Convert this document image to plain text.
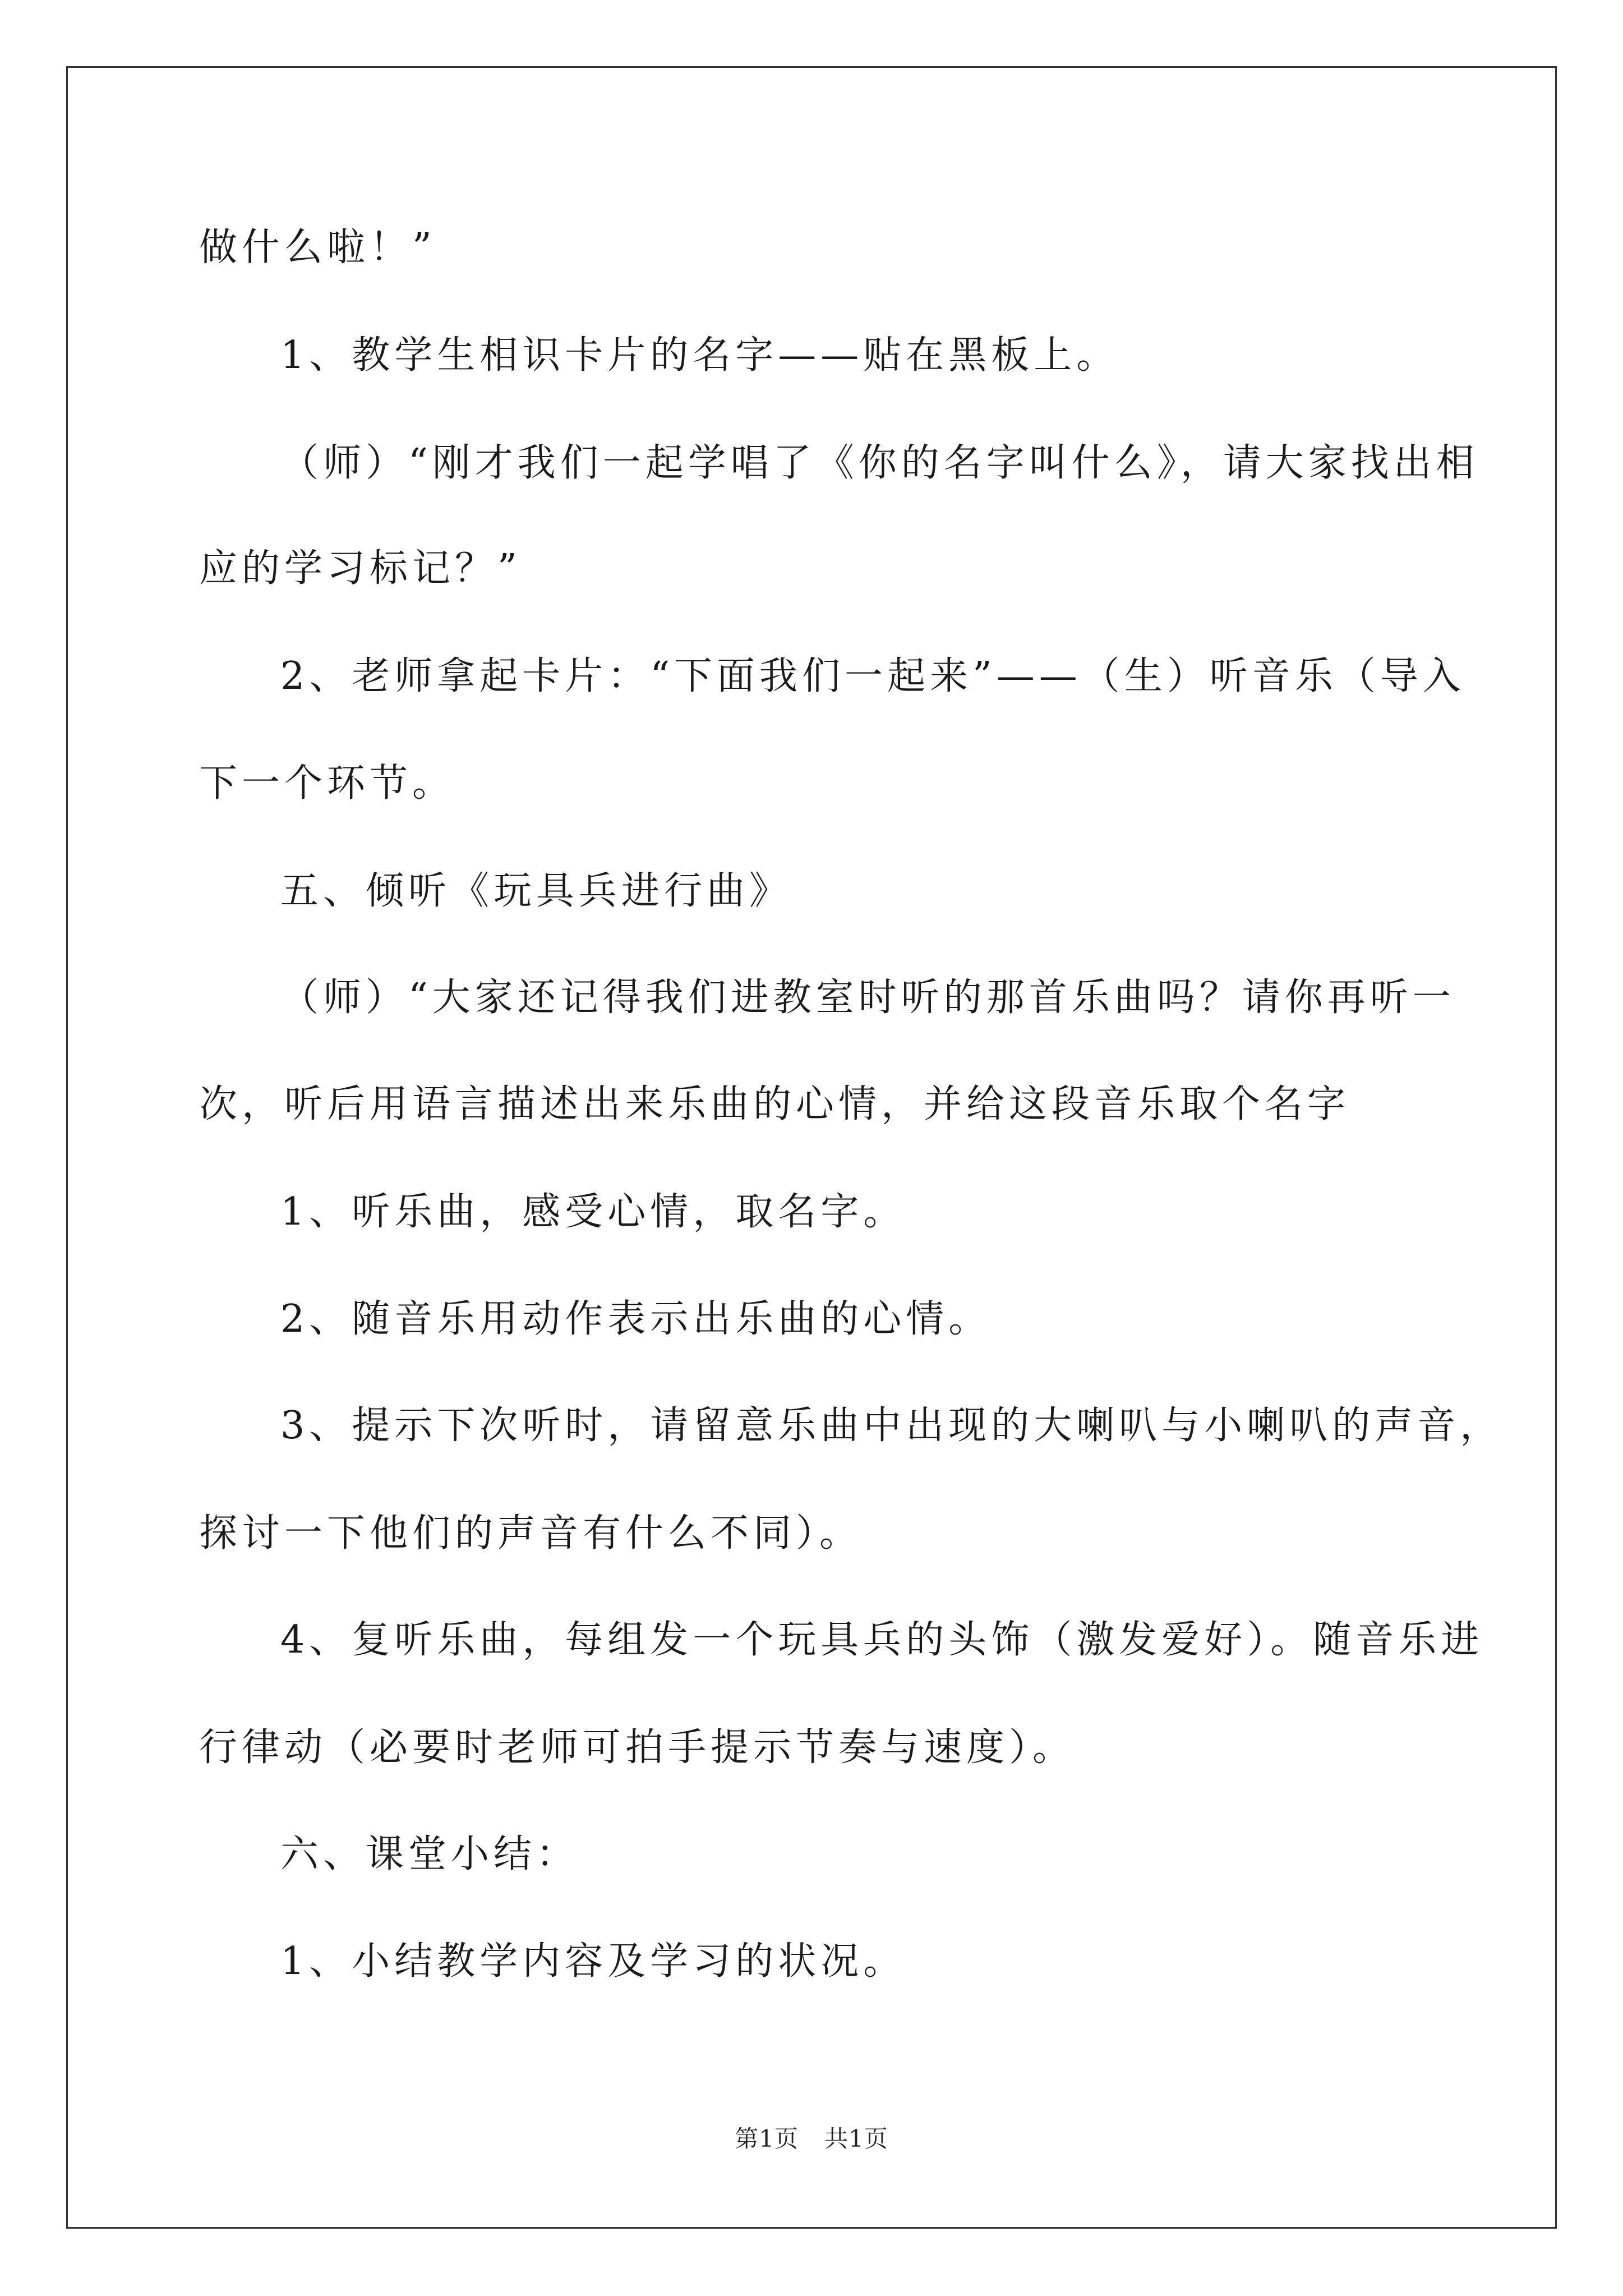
做什么啦！”
1、教学生相识卡片的名字——贴在黑板上。
（师）“刚才我们一起学唱了《你的名字叫什么》，请大家找出相
应的学习标记？”
2、老师拿起卡片：“下面我们一起来”——（生）听音乐（导入
下一个环节。
五、倾听《玩具兵进行曲》
（师）“大家还记得我们进教室时听的那首乐曲吗？请你再听一
次，听后用语言描述出来乐曲的心情，并给这段音乐取个名字
1、听乐曲，感受心情，取名字。
2、随音乐用动作表示出乐曲的心情。
3、提示下次听时，请留意乐曲中出现的大喇叭与小喇叭的声音，
探讨一下他们的声音有什么不同）。
4、复听乐曲，每组发一个玩具兵的头饰（激发爱好）。随音乐进
行律动（必要时老师可拍手提示节奏与速度）。
六、课堂小结：
1、小结教学内容及学习的状况。
第1页 共1页
